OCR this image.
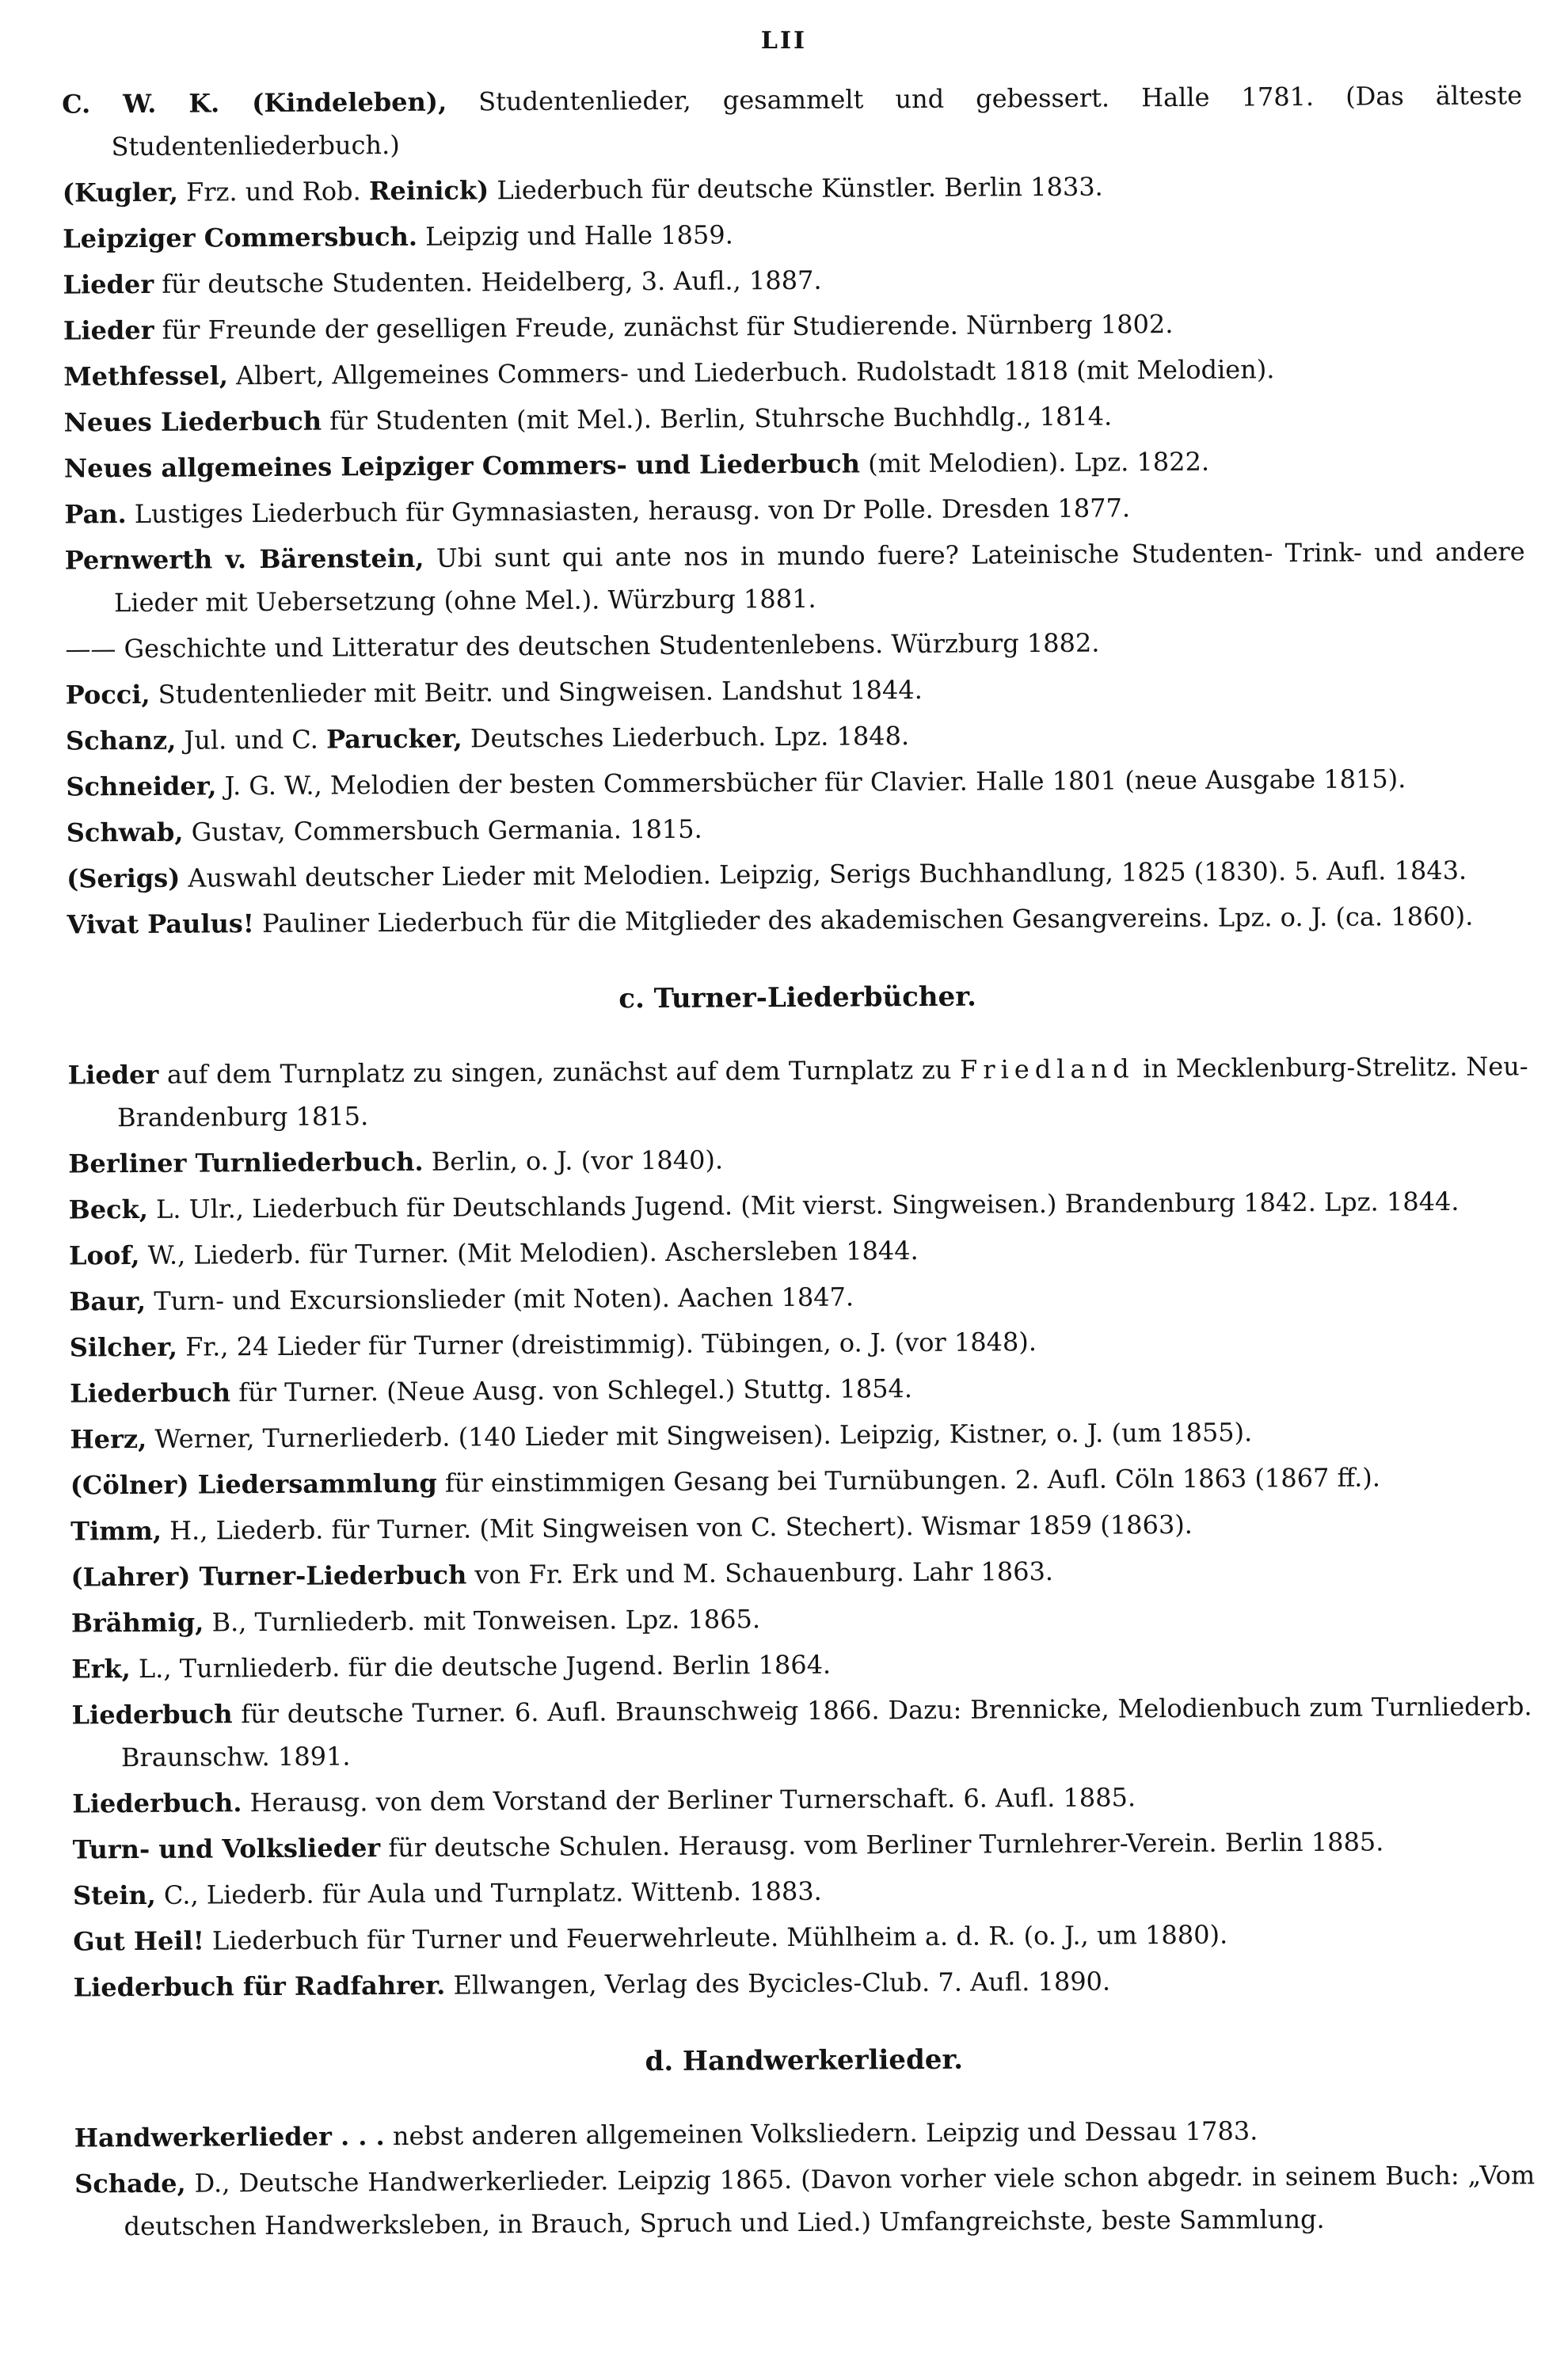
LII

C. W. K. (Kindeleben), Studentenlieder, gesammelt und gebessert. Halle 1781. (Das älteste Studentenliederbuch.)

(Kugler, Frz. und Rob. Reinick) Liederbuch für deutsche Künstler. Berlin 1833.

Leipziger Commersbuch. Leipzig und Halle 1859.

Lieder für deutsche Studenten. Heidelberg, 3. Aufl., 1887.

Lieder für Freunde der geselligen Freude, zunächst für Studierende. Nürnberg 1802.

Methfessel, Albert, Allgemeines Commers- und Liederbuch. Rudolstadt 1818 (mit Melodien).

Neues Liederbuch für Studenten (mit Mel.). Berlin, Stuhrsche Buchhdlg., 1814.

Neues allgemeines Leipziger Commers- und Liederbuch (mit Melodien). Lpz. 1822.

Pan. Lustiges Liederbuch für Gymnasiasten, herausg. von Dr Polle. Dresden 1877.

Pernwerth v. Bärenstein, Ubi sunt qui ante nos in mundo fuere? Lateinische Studenten- Trink- und andere Lieder mit Uebersetzung (ohne Mel.). Würzburg 1881.

—— Geschichte und Litteratur des deutschen Studentenlebens. Würzburg 1882.

Pocci, Studentenlieder mit Beitr. und Singweisen. Landshut 1844.

Schanz, Jul. und C. Parucker, Deutsches Liederbuch. Lpz. 1848.

Schneider, J. G. W., Melodien der besten Commersbücher für Clavier. Halle 1801 (neue Ausgabe 1815).

Schwab, Gustav, Commersbuch Germania. 1815.

(Serigs) Auswahl deutscher Lieder mit Melodien. Leipzig, Serigs Buchhandlung, 1825 (1830). 5. Aufl. 1843.

Vivat Paulus! Pauliner Liederbuch für die Mitglieder des akademischen Gesangvereins. Lpz. o. J. (ca. 1860).

c. Turner-Liederbücher.

Lieder auf dem Turnplatz zu singen, zunächst auf dem Turnplatz zu Friedland in Mecklenburg-Strelitz. Neu-Brandenburg 1815.

Berliner Turnliederbuch. Berlin, o. J. (vor 1840).

Beck, L. Ulr., Liederbuch für Deutschlands Jugend. (Mit vierst. Singweisen.) Brandenburg 1842. Lpz. 1844.

Loof, W., Liederb. für Turner. (Mit Melodien). Aschersleben 1844.

Baur, Turn- und Excursionslieder (mit Noten). Aachen 1847.

Silcher, Fr., 24 Lieder für Turner (dreistimmig). Tübingen, o. J. (vor 1848).

Liederbuch für Turner. (Neue Ausg. von Schlegel.) Stuttg. 1854.

Herz, Werner, Turnerliederb. (140 Lieder mit Singweisen). Leipzig, Kistner, o. J. (um 1855).

(Cölner) Liedersammlung für einstimmigen Gesang bei Turnübungen. 2. Aufl. Cöln 1863 (1867 ff.).

Timm, H., Liederb. für Turner. (Mit Singweisen von C. Stechert). Wismar 1859 (1863).

(Lahrer) Turner-Liederbuch von Fr. Erk und M. Schauenburg. Lahr 1863.

Brähmig, B., Turnliederb. mit Tonweisen. Lpz. 1865.

Erk, L., Turnliederb. für die deutsche Jugend. Berlin 1864.

Liederbuch für deutsche Turner. 6. Aufl. Braunschweig 1866. Dazu: Brennicke, Melodienbuch zum Turnliederb. Braunschw. 1891.

Liederbuch. Herausg. von dem Vorstand der Berliner Turnerschaft. 6. Aufl. 1885.

Turn- und Volkslieder für deutsche Schulen. Herausg. vom Berliner Turnlehrer-Verein. Berlin 1885.

Stein, C., Liederb. für Aula und Turnplatz. Wittenb. 1883.

Gut Heil! Liederbuch für Turner und Feuerwehrleute. Mühlheim a. d. R. (o. J., um 1880).

Liederbuch für Radfahrer. Ellwangen, Verlag des Bycicles-Club. 7. Aufl. 1890.

d. Handwerkerlieder.

Handwerkerlieder . . . nebst anderen allgemeinen Volksliedern. Leipzig und Dessau 1783.

Schade, D., Deutsche Handwerkerlieder. Leipzig 1865. (Davon vorher viele schon abgedr. in seinem Buch: „Vom deutschen Handwerksleben, in Brauch, Spruch und Lied.) Umfangreichste, beste Sammlung.
